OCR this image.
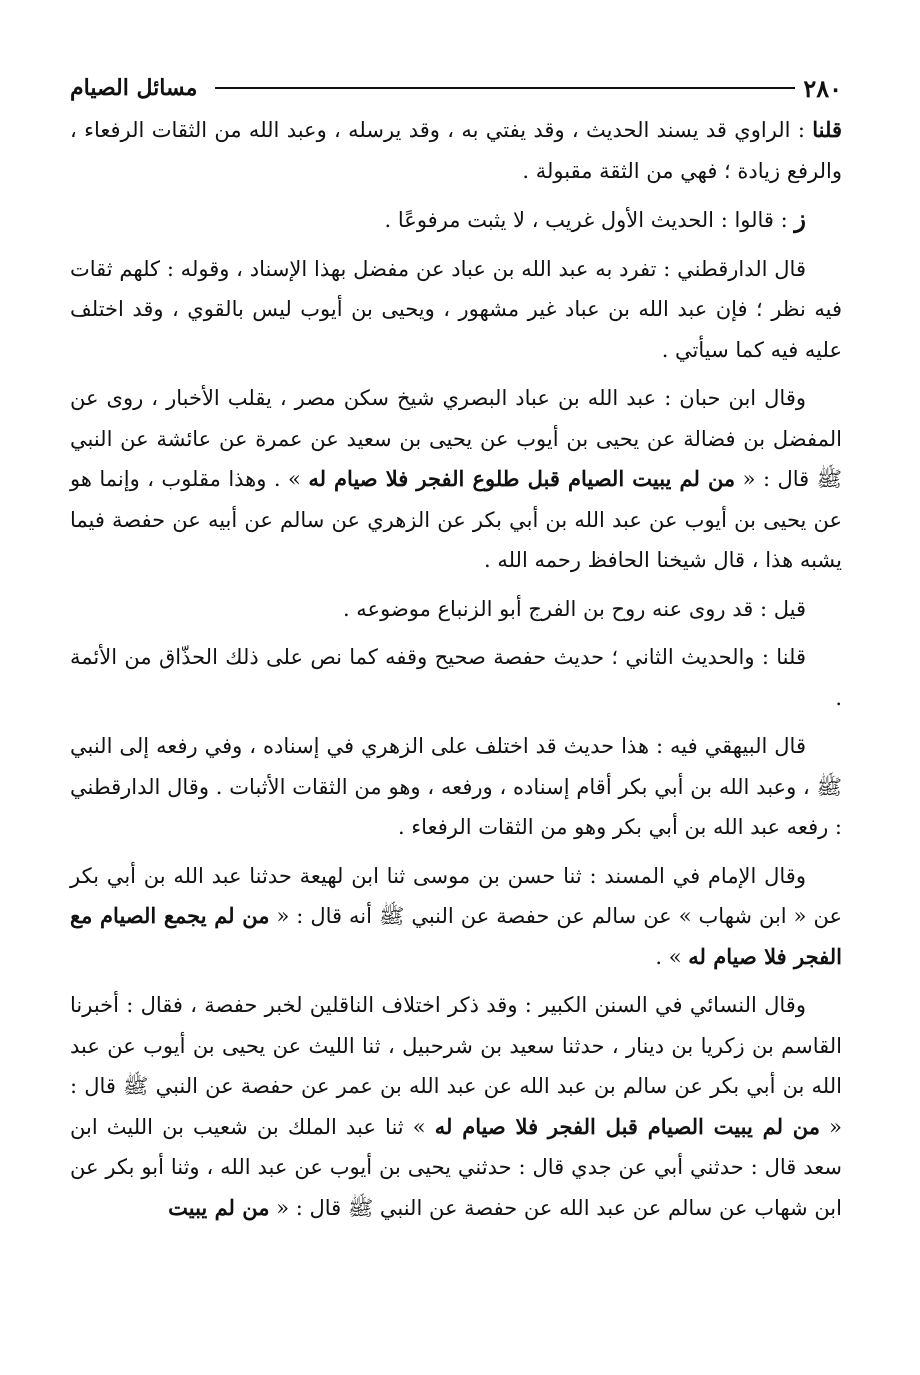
مسائل الصيام	٢٨٠

قلنا : الراوي قد يسند الحديث ، وقد يفتي به ، وقد يرسله ، وعبد الله من الثقات الرفعاء ، والرفع زيادة ؛ فهي من الثقة مقبولة .

ز : قالوا : الحديث الأول غريب ، لا يثبت مرفوعًا .

قال الدارقطني : تفرد به عبد الله بن عباد عن مفضل بهذا الإسناد ، وقوله : كلهم ثقات فيه نظر ؛ فإن عبد الله بن عباد غير مشهور ، ويحيى بن أيوب ليس بالقوي ، وقد اختلف عليه فيه كما سيأتي .

وقال ابن حبان : عبد الله بن عباد البصري شيخ سكن مصر ، يقلب الأخبار ، روى عن المفضل بن فضالة عن يحيى بن أيوب عن يحيى بن سعيد عن عمرة عن عائشة عن النبي ﷺ قال : « من لم يبيت الصيام قبل طلوع الفجر فلا صيام له » . وهذا مقلوب ، وإنما هو عن يحيى بن أيوب عن عبد الله بن أبي بكر عن الزهري عن سالم عن أبيه عن حفصة فيما يشبه هذا ، قال شيخنا الحافظ رحمه الله .

قيل : قد روى عنه روح بن الفرج أبو الزنباع موضوعه .

قلنا : والحديث الثاني ؛ حديث حفصة صحيح وقفه كما نص على ذلك الحذّاق من الأئمة .

قال البيهقي فيه : هذا حديث قد اختلف على الزهري في إسناده ، وفي رفعه إلى النبي ﷺ ، وعبد الله بن أبي بكر أقام إسناده ، ورفعه ، وهو من الثقات الأثبات . وقال الدارقطني : رفعه عبد الله بن أبي بكر وهو من الثقات الرفعاء .

وقال الإمام في المسند : ثنا حسن بن موسى ثنا ابن لهيعة حدثنا عبد الله بن أبي بكر عن « ابن شهاب » عن سالم عن حفصة عن النبي ﷺ أنه قال : « من لم يجمع الصيام مع الفجر فلا صيام له » .

وقال النسائي في السنن الكبير : وقد ذكر اختلاف الناقلين لخبر حفصة ، فقال : أخبرنا القاسم بن زكريا بن دينار ، حدثنا سعيد بن شرحبيل ، ثنا الليث عن يحيى بن أيوب عن عبد الله بن أبي بكر عن سالم بن عبد الله عن عبد الله بن عمر عن حفصة عن النبي ﷺ قال : « من لم يبيت الصيام قبل الفجر فلا صيام له » ثنا عبد الملك بن شعيب بن الليث ابن سعد قال : حدثني أبي عن جدي قال : حدثني يحيى بن أيوب عن عبد الله ، وثنا أبو بكر عن ابن شهاب عن سالم عن عبد الله عن حفصة عن النبي ﷺ قال : « من لم يبيت
